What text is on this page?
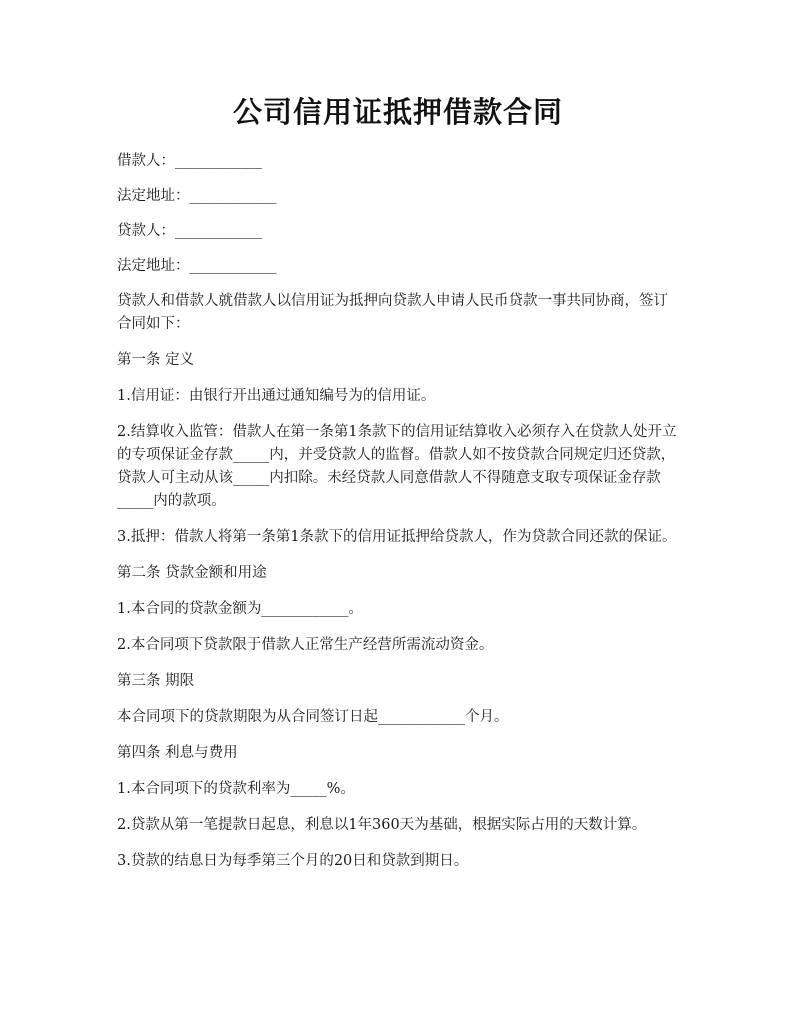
公司信用证抵押借款合同

借款人：____________

法定地址：____________

贷款人：____________

法定地址：____________

贷款人和借款人就借款人以信用证为抵押向贷款人申请人民币贷款一事共同协商，签订合同如下：

第一条 定义

1.信用证：由银行开出通过通知编号为的信用证。

2.结算收入监管：借款人在第一条第1条款下的信用证结算收入必须存入在贷款人处开立的专项保证金存款_____内，并受贷款人的监督。借款人如不按贷款合同规定归还贷款，贷款人可主动从该_____内扣除。未经贷款人同意借款人不得随意支取专项保证金存款_____内的款项。

3.抵押：借款人将第一条第1条款下的信用证抵押给贷款人，作为贷款合同还款的保证。

第二条 贷款金额和用途

1.本合同的贷款金额为____________。

2.本合同项下贷款限于借款人正常生产经营所需流动资金。

第三条 期限

本合同项下的贷款期限为从合同签订日起____________个月。

第四条 利息与费用

1.本合同项下的贷款利率为_____%。

2.贷款从第一笔提款日起息，利息以1年360天为基础，根据实际占用的天数计算。

3.贷款的结息日为每季第三个月的20日和贷款到期日。
